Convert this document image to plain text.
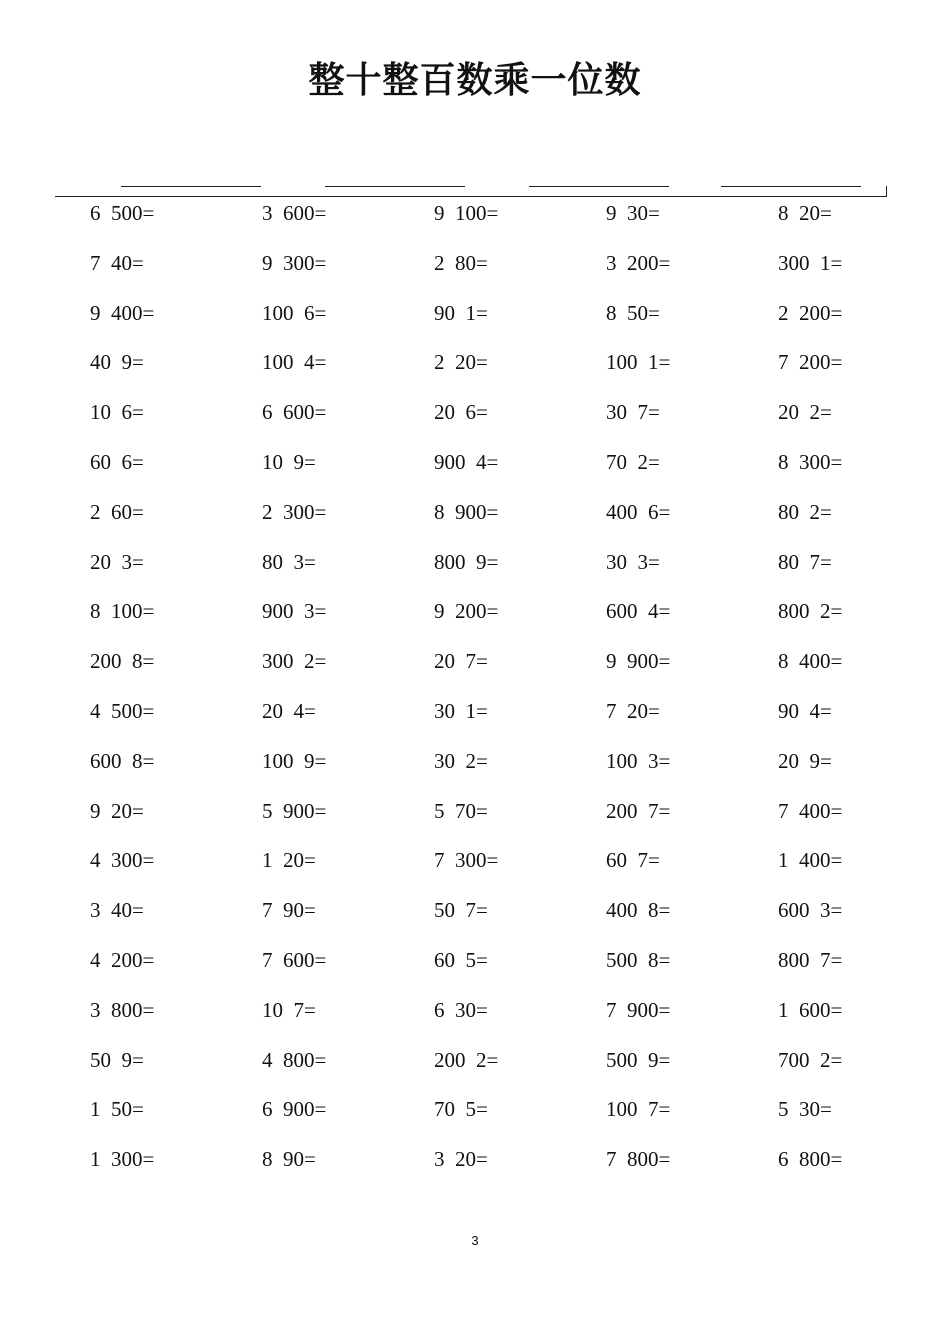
整十整百数乘一位数
6  500=	3  600=	9  100=	9  30=	8  20=
7  40=	9  300=	2  80=	3  200=	300  1=
9  400=	100  6=	90  1=	8  50=	2  200=
40  9=	100  4=	2  20=	100  1=	7  200=
10  6=	6  600=	20  6=	30  7=	20  2=
60  6=	10  9=	900  4=	70  2=	8  300=
2  60=	2  300=	8  900=	400  6=	80  2=
20  3=	80  3=	800  9=	30  3=	80  7=
8  100=	900  3=	9  200=	600  4=	800  2=
200  8=	300  2=	20  7=	9  900=	8  400=
4  500=	20  4=	30  1=	7  20=	90  4=
600  8=	100  9=	30  2=	100  3=	20  9=
9  20=	5  900=	5  70=	200  7=	7  400=
4  300=	1  20=	7  300=	60  7=	1  400=
3  40=	7  90=	50  7=	400  8=	600  3=
4  200=	7  600=	60  5=	500  8=	800  7=
3  800=	10  7=	6  30=	7  900=	1  600=
50  9=	4  800=	200  2=	500  9=	700  2=
1  50=	6  900=	70  5=	100  7=	5  30=
1  300=	8  90=	3  20=	7  800=	6  800=
3
